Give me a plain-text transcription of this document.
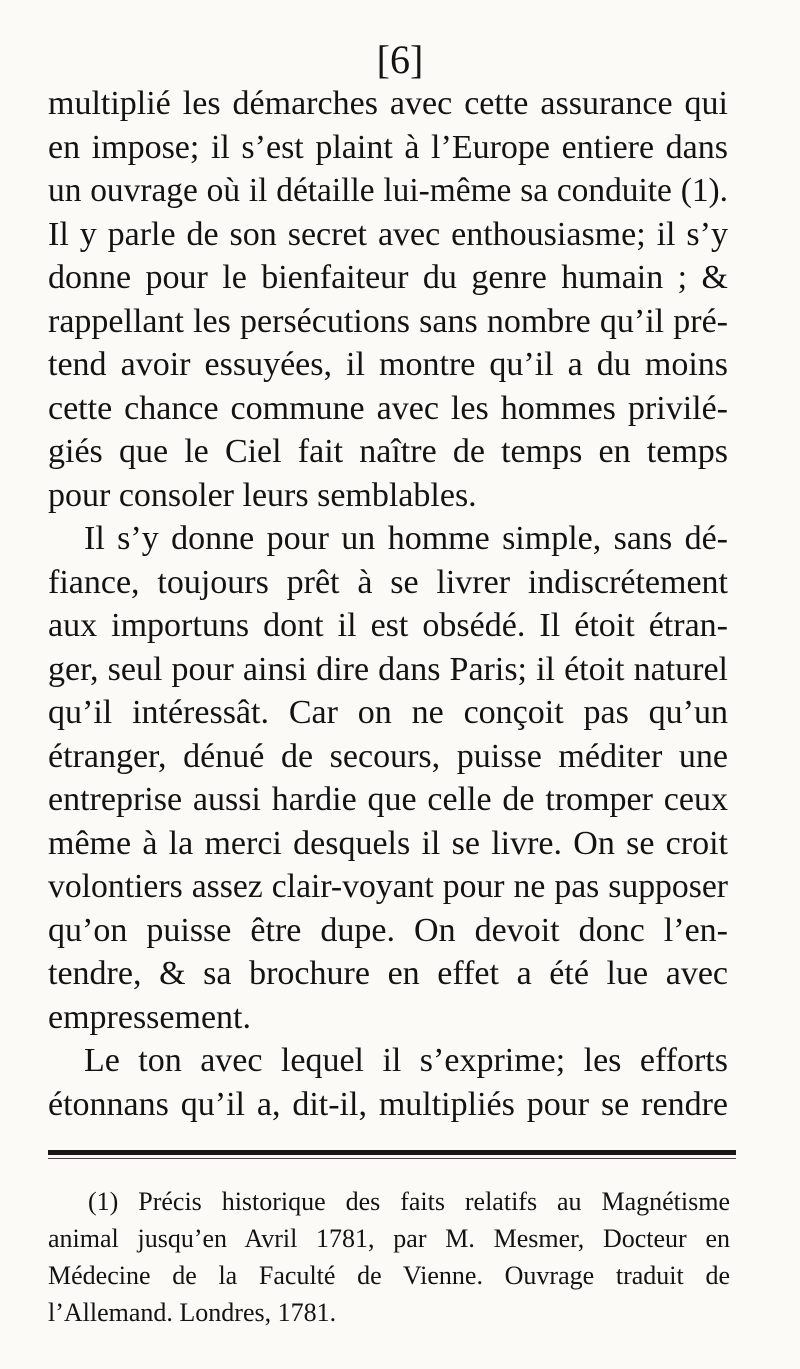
[6]
multiplié les démarches avec cette assurance qui
en impose; il s’est plaint à l’Europe entiere dans
un ouvrage où il détaille lui-même sa conduite (1).
Il y parle de son secret avec enthousiasme; il s’y
donne pour le bienfaiteur du genre humain ; &
rappellant les persécutions sans nombre qu’il pré-
tend avoir essuyées, il montre qu’il a du moins
cette chance commune avec les hommes privilé-
giés que le Ciel fait naître de temps en temps
pour consoler leurs semblables.
Il s’y donne pour un homme simple, sans dé-
fiance, toujours prêt à se livrer indiscrétement
aux importuns dont il est obsédé. Il étoit étran-
ger, seul pour ainsi dire dans Paris; il étoit naturel
qu’il intéressât. Car on ne conçoit pas qu’un
étranger, dénué de secours, puisse méditer une
entreprise aussi hardie que celle de tromper ceux
même à la merci desquels il se livre. On se croit
volontiers assez clair-voyant pour ne pas supposer
qu’on puisse être dupe. On devoit donc l’en-
tendre, & sa brochure en effet a été lue avec
empressement.
Le ton avec lequel il s’exprime; les efforts
étonnans qu’il a, dit-il, multipliés pour se rendre
(1) Précis historique des faits relatifs au Magnétisme
animal jusqu’en Avril 1781, par M. Mesmer, Docteur en
Médecine de la Faculté de Vienne. Ouvrage traduit de
l’Allemand. Londres, 1781.
